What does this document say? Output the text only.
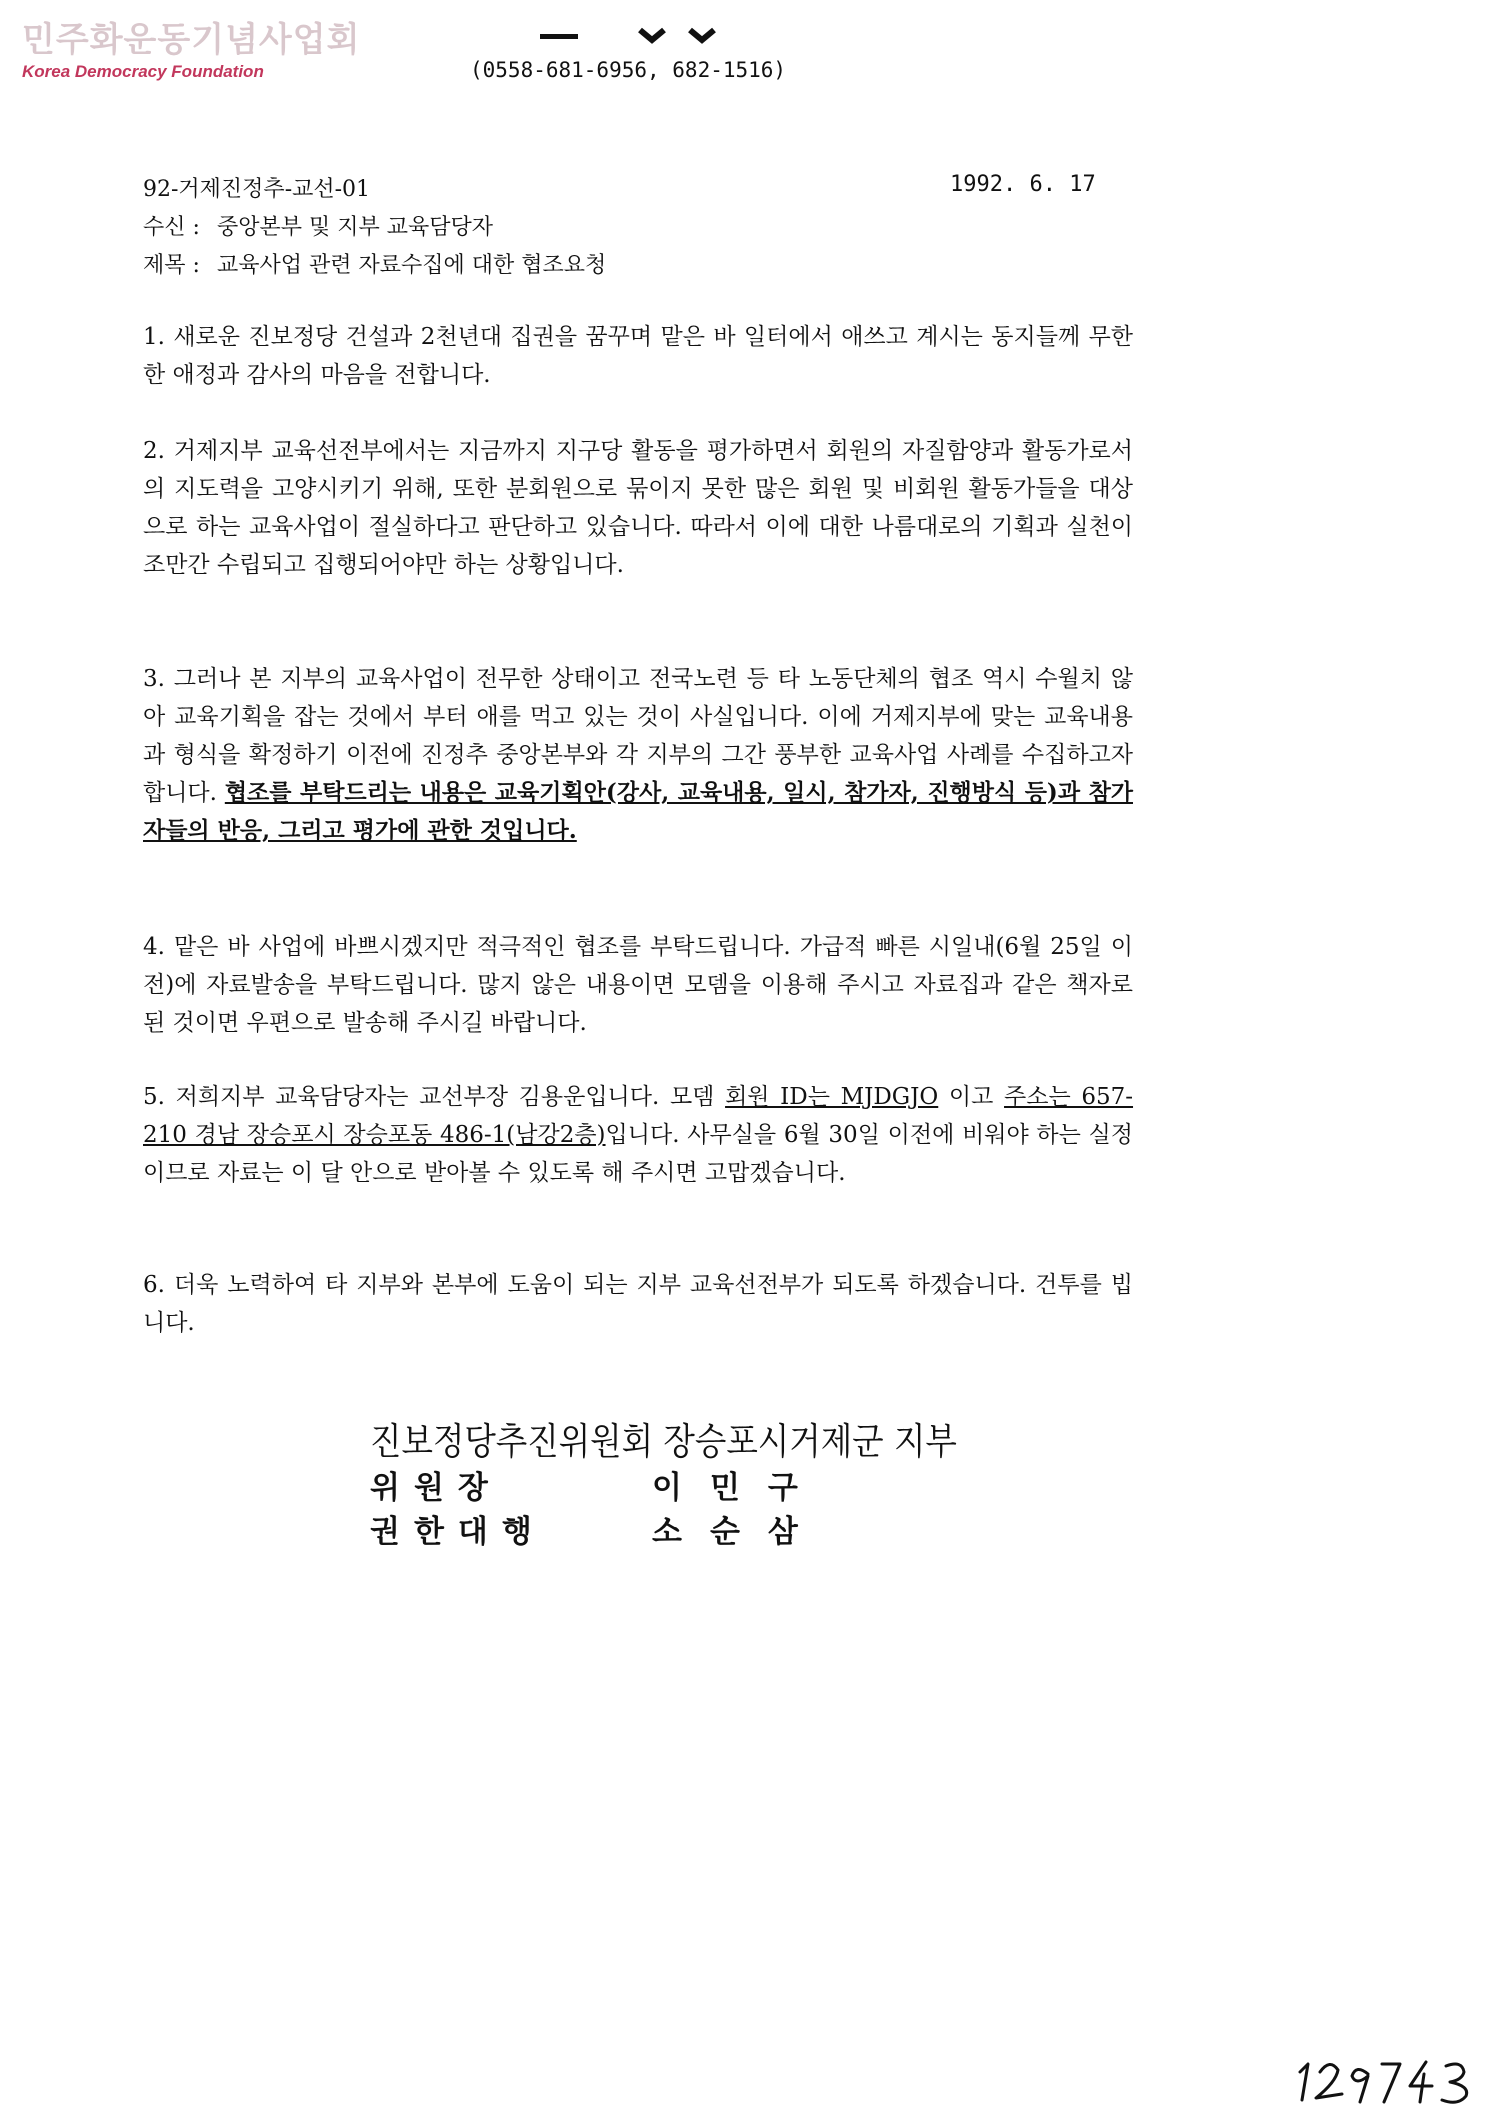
민주화운동기념사업회
Korea Democracy Foundation	(0558-681-6956, 682-1516)
92-거제진정추-교선-01	1992. 6. 17
수신 : 중앙본부 및 지부 교육담당자
제목 : 교육사업 관련 자료수집에 대한 협조요청
1. 새로운 진보정당 건설과 2천년대 집권을 꿈꾸며 맡은 바 일터에서 애쓰고 계시는 동지들께 무한한 애정과 감사의 마음을 전합니다.
2. 거제지부 교육선전부에서는 지금까지 지구당 활동을 평가하면서 회원의 자질함양과 활동가로서의 지도력을 고양시키기 위해, 또한 분회원으로 묶이지 못한 많은 회원 및 비회원 활동가들을 대상으로 하는 교육사업이 절실하다고 판단하고 있습니다. 따라서 이에 대한 나름대로의 기획과 실천이 조만간 수립되고 집행되어야만 하는 상황입니다.
3. 그러나 본 지부의 교육사업이 전무한 상태이고 전국노련 등 타 노동단체의 협조 역시 수월치 않아 교육기획을 잡는 것에서 부터 애를 먹고 있는 것이 사실입니다. 이에 거제지부에 맞는 교육내용과 형식을 확정하기 이전에 진정추 중앙본부와 각 지부의 그간 풍부한 교육사업 사례를 수집하고자 합니다. 협조를 부탁드리는 내용은 교육기획안(강사, 교육내용, 일시, 참가자, 진행방식 등)과 참가자들의 반응, 그리고 평가에 관한 것입니다.
4. 맡은 바 사업에 바쁘시겠지만 적극적인 협조를 부탁드립니다. 가급적 빠른 시일내(6월 25일 이전)에 자료발송을 부탁드립니다. 많지 않은 내용이면 모뎀을 이용해 주시고 자료집과 같은 책자로 된 것이면 우편으로 발송해 주시길 바랍니다.
5. 저희지부 교육담당자는 교선부장 김용운입니다. 모뎀 회원 ID는 MJDGJO 이고 주소는 657-210 경남 장승포시 장승포동 486-1(남강2층)입니다. 사무실을 6월 30일 이전에 비워야 하는 실정이므로 자료는 이 달 안으로 받아볼 수 있도록 해 주시면 고맙겠습니다.
6. 더욱 노력하여 타 지부와 본부에 도움이 되는 지부 교육선전부가 되도록 하겠습니다. 건투를 빕니다.
진보정당추진위원회 장승포시거제군 지부
위원장	이민구
권한대행	소순삼
